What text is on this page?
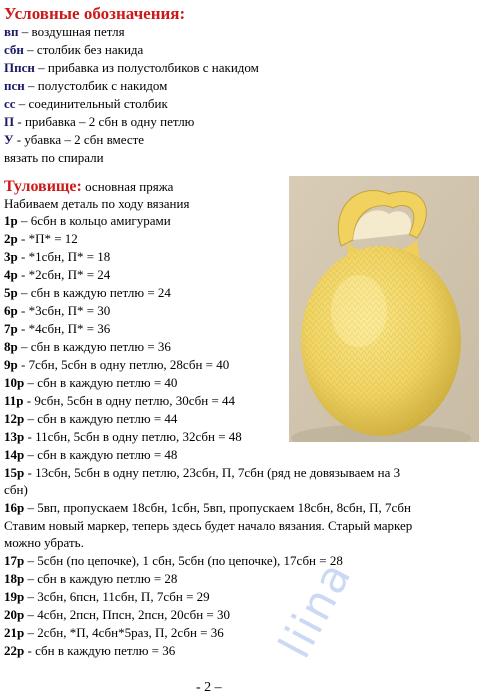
Условные обозначения:
вп – воздушная петля
сбн – столбик без накида
Ппсн – прибавка из полустолбиков с накидом
псн – полустолбик с накидом
сс – соединительный столбик
П - прибавка – 2 сбн в одну петлю
У - убавка – 2 сбн вместе
вязать по спирали
Туловище: основная пряжа
Набиваем деталь по ходу вязания
1р – 6сбн в кольцо амигурами
2р - *П* = 12
3р - *1сбн, П* = 18
4р - *2сбн, П* = 24
5р – сбн в каждую петлю = 24
6р - *3сбн, П* = 30
7р - *4сбн, П* = 36
8р – сбн в каждую петлю = 36
9р - 7сбн, 5сбн в одну петлю, 28сбн = 40
10р – сбн в каждую петлю = 40
11р - 9сбн, 5сбн в одну петлю, 30сбн = 44
12р – сбн в каждую петлю = 44
13р - 11сбн, 5сбн в одну петлю, 32сбн = 48
14р – сбн в каждую петлю = 48
15р - 13сбн, 5сбн в одну петлю, 23сбн, П, 7сбн (ряд не довязываем на 3
сбн)
16р – 5вп, пропускаем 18сбн, 1сбн, 5вп, пропускаем 18сбн, 8сбн, П, 7сбн
Ставим новый маркер, теперь здесь будет начало вязания. Старый маркер
можно убрать.
17р – 5сбн (по цепочке), 1 сбн, 5сбн (по цепочке), 17сбн = 28
18р – сбн в каждую петлю = 28
19р – 3сбн, 6псн, 11сбн, П, 7сбн = 29
20р – 4сбн, 2псн, Ппсн, 2псн, 20сбн = 30
21р – 2сбн, *П, 4сбн*5раз, П, 2сбн = 36
22р - сбн в каждую петлю = 36 liina
- 2 –
